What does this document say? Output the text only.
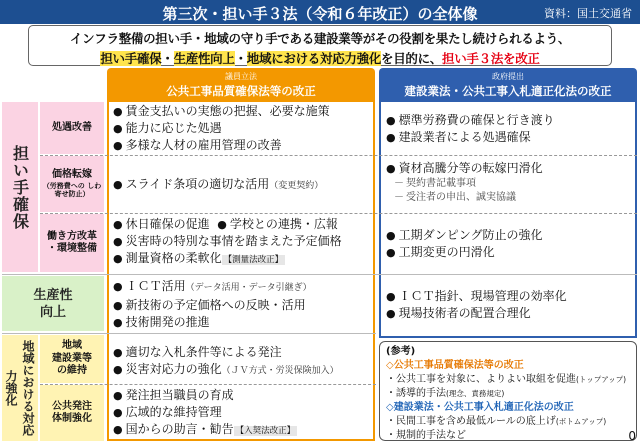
第三次・担い手３法（令和６年改正）の全体像	資料：国土交通省
インフラ整備の担い手・地域の守り手である建設業等がその役割を果たし続けられるよう、
担い手確保・生産性向上・地域における対応力強化を目的に、担い手３法を改正
議員立法
公共工事品質確保法等の改正
政府提出
建設業法・公共工事入札適正化法の改正
担い手確保
処遇改善
価格転嫁
（労務費への しわ寄せ防止）
働き方改革
・環境整備
生産性
向上
地域における対応力強化
地域
建設業等
の維持
公共発注
体制強化
● 賃金支払いの実態の把握、必要な施策
● 能力に応じた処遇
● 多様な人材の雇用管理の改善
● スライド条項の適切な活用（変更契約）
● 休日確保の促進  ● 学校との連携・広報
● 災害時の特別な事情を踏まえた予定価格
● 測量資格の柔軟化 【測量法改正】
● ＩＣＴ活用（データ活用・データ引継ぎ）
● 新技術の予定価格への反映・活用
● 技術開発の推進
● 適切な入札条件等による発注
● 災害対応力の強化（ＪＶ方式・労災保険加入）
● 発注担当職員の育成
● 広域的な維持管理
● 国からの助言・勧告 【入契法改正】
● 標準労務費の確保と行き渡り
● 建設業者による処遇確保
● 資材高騰分等の転嫁円滑化
－ 契約書記載事項
－ 受注者の申出、誠実協議
● 工期ダンピング防止の強化
● 工期変更の円滑化
● ＩＣＴ指針、現場管理の効率化
● 現場技術者の配置合理化
(参考)
◇公共工事品質確保法等の改正
・公共工事を対象に、よりよい取組を促進(トップアップ)
・誘導的手法(理念、責務規定)
◇建設業法・公共工事入札適正化法の改正
・民間工事を含め最低ルールの底上げ(ボトムアップ)
・規制的手法など	0
